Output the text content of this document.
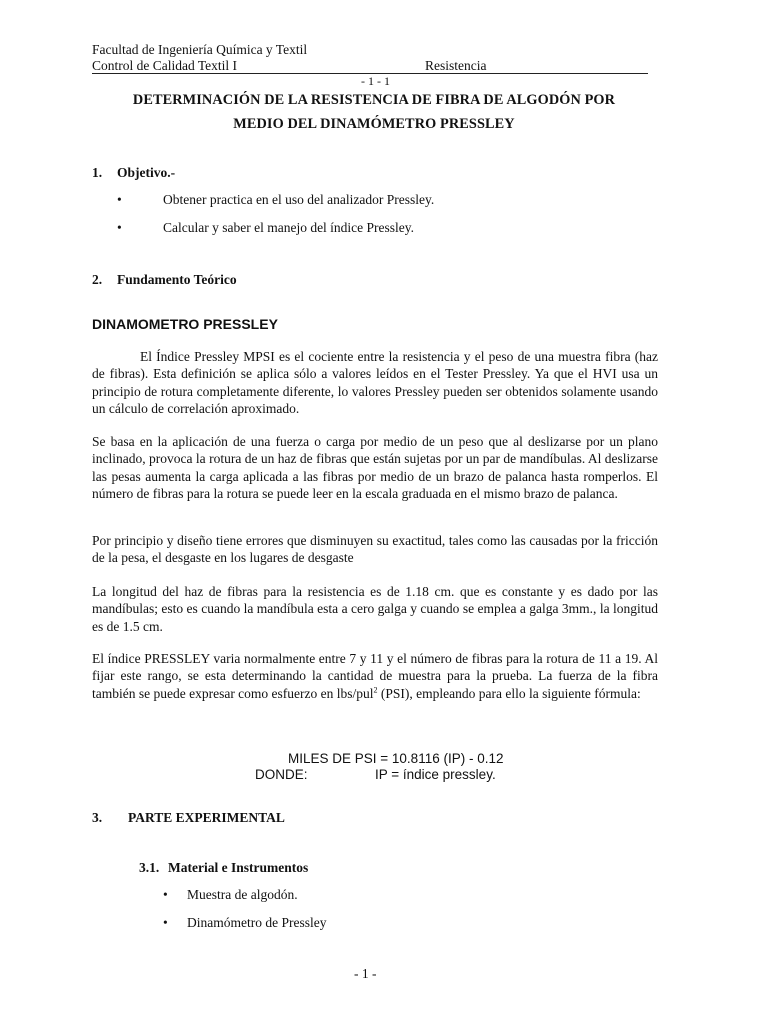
Facultad de Ingeniería Química y Textil
Control de Calidad Textil I	Resistencia
- 1 - 1
DETERMINACIÓN DE LA RESISTENCIA DE FIBRA DE ALGODÓN POR
MEDIO DEL DINAMÓMETRO PRESSLEY
1. Objetivo.-
•	Obtener practica en el uso del analizador Pressley.
•	Calcular y saber el manejo del índice Pressley.
2. Fundamento Teórico
DINAMOMETRO PRESSLEY

El Índice Pressley MPSI es el cociente entre la resistencia y el peso de una muestra fibra (haz de fibras). Esta definición se aplica sólo a valores leídos en el Tester Pressley. Ya que el HVI usa un principio de rotura completamente diferente, lo valores Pressley pueden ser obtenidos solamente usando un cálculo de correlación aproximado.

Se basa en la aplicación de una fuerza o carga por medio de un peso que al deslizarse por un plano inclinado, provoca la rotura de un haz de fibras que están sujetas por un par de mandíbulas. Al deslizarse las pesas aumenta la carga aplicada a las fibras por medio de un brazo de palanca hasta romperlos. El número de fibras para la rotura se puede leer en la escala graduada en el mismo brazo de palanca.

Por principio y diseño tiene errores que disminuyen su exactitud, tales como las causadas por la fricción de la pesa, el desgaste en los lugares de desgaste

La longitud del haz de fibras para la resistencia es de 1.18 cm. que es constante y es dado por las mandíbulas; esto es cuando la mandíbula esta a cero galga y cuando se emplea a galga 3mm., la longitud es de 1.5 cm.

El índice PRESSLEY varia normalmente entre 7 y 11 y el número de fibras para la rotura de 11 a 19. Al fijar este rango, se esta determinando la cantidad de muestra para la prueba. La fuerza de la fibra también se puede expresar como esfuerzo en lbs/pul$^2$ (PSI), empleando para ello la siguiente fórmula:

MILES DE PSI = 10.8116 (IP) - 0.12
DONDE:	IP = índice pressley.
3. PARTE EXPERIMENTAL
3.1. Material e Instrumentos
• Muestra de algodón.
• Dinamómetro de Pressley
- 1 -
